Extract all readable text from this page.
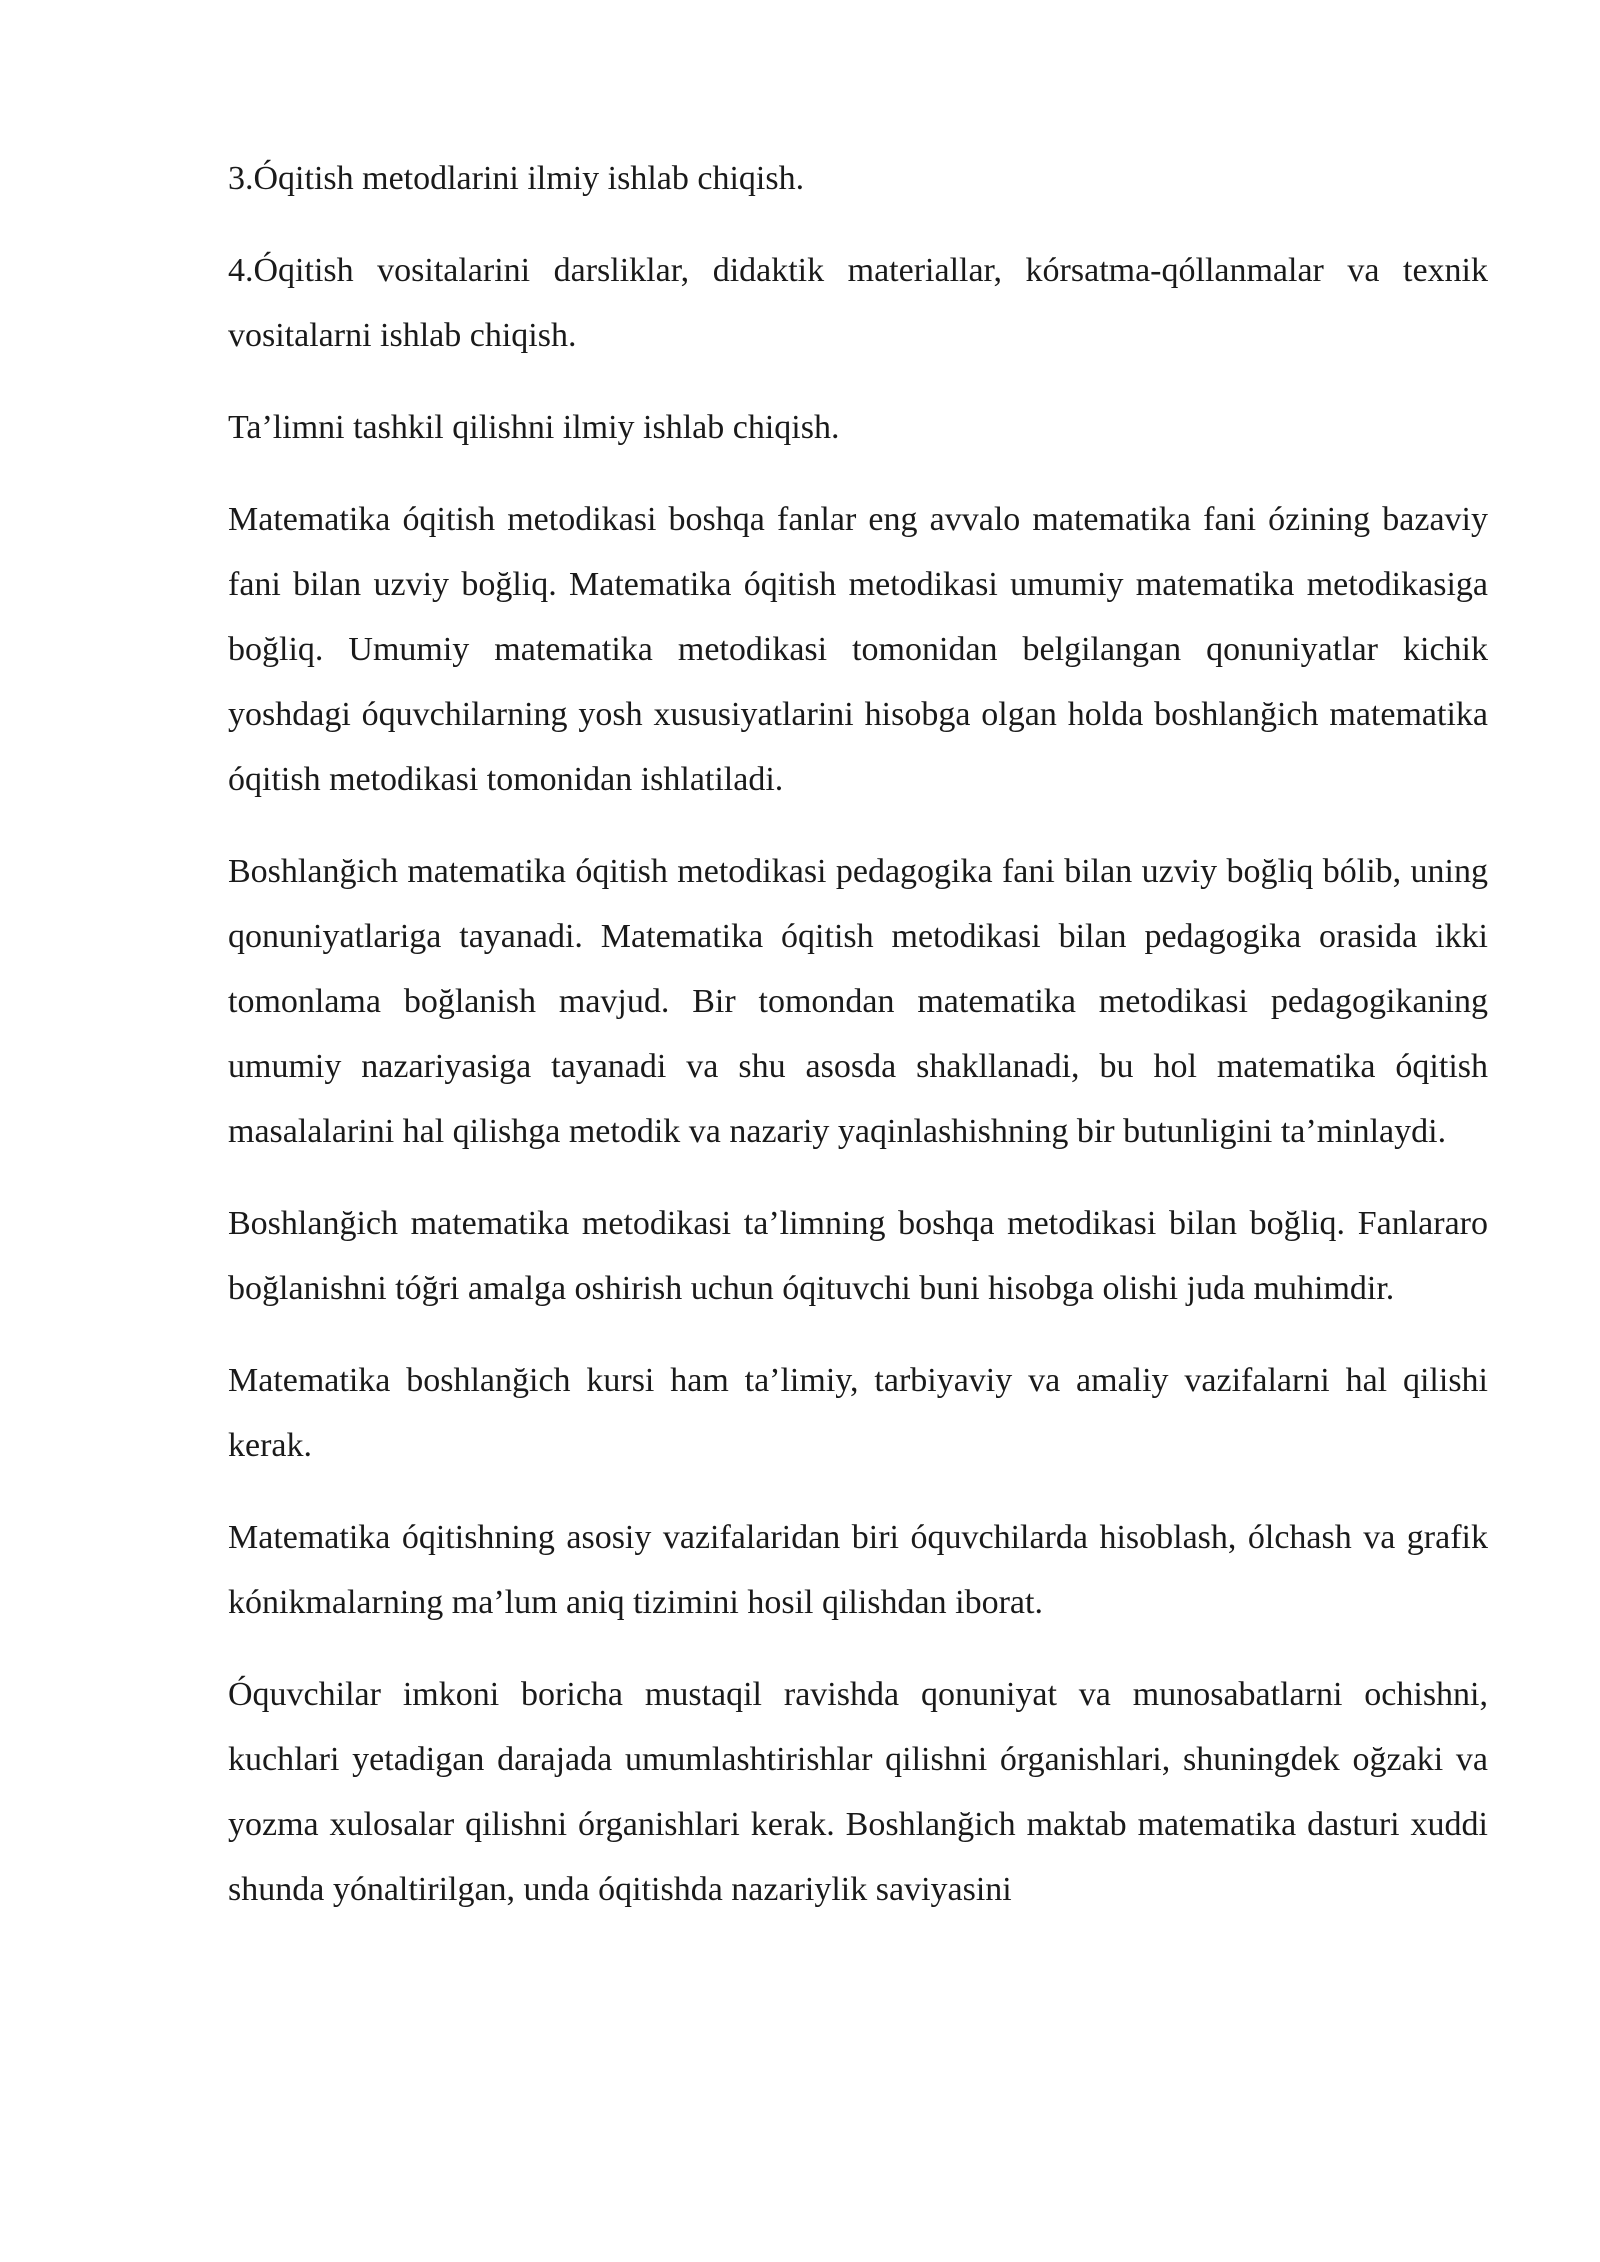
3.Óqitish metodlarini ilmiy ishlab chiqish.

4.Óqitish vositalarini darsliklar, didaktik materiallar, kórsatma-qóllanmalar va texnik vositalarni ishlab chiqish.

Ta’limni tashkil qilishni ilmiy ishlab chiqish.

Matematika óqitish metodikasi boshqa fanlar eng avvalo matematika fani ózining bazaviy fani bilan uzviy boğliq. Matematika óqitish metodikasi umumiy matematika metodikasiga boğliq. Umumiy matematika metodikasi tomonidan belgilangan qonuniyatlar kichik yoshdagi óquvchilarning yosh xususiyatlarini hisobga olgan holda boshlanğich matematika óqitish metodikasi tomonidan ishlatiladi.

Boshlanğich matematika óqitish metodikasi pedagogika fani bilan uzviy boğliq bólib, uning qonuniyatlariga tayanadi. Matematika óqitish metodikasi bilan pedagogika orasida ikki tomonlama boğlanish mavjud. Bir tomondan matematika metodikasi pedagogikaning umumiy nazariyasiga tayanadi va shu asosda shakllanadi, bu hol matematika óqitish masalalarini hal qilishga metodik va nazariy yaqinlashishning bir butunligini ta’minlaydi.

Boshlanğich matematika metodikasi ta’limning boshqa metodikasi bilan boğliq. Fanlararo boğlanishni tóğri amalga oshirish uchun óqituvchi buni hisobga olishi juda muhimdir.

Matematika boshlanğich kursi ham ta’limiy, tarbiyaviy va amaliy vazifalarni hal qilishi kerak.

Matematika óqitishning asosiy vazifalaridan biri óquvchilarda hisoblash, ólchash va grafik kónikmalarning ma’lum aniq tizimini hosil qilishdan iborat.

Óquvchilar imkoni boricha mustaqil ravishda qonuniyat va munosabatlarni ochishni, kuchlari yetadigan darajada umumlashtirishlar qilishni órganishlari, shuningdek oğzaki va yozma xulosalar qilishni órganishlari kerak. Boshlanğich maktab matematika dasturi xuddi shunda yónaltirilgan, unda óqitishda nazariylik saviyasini
